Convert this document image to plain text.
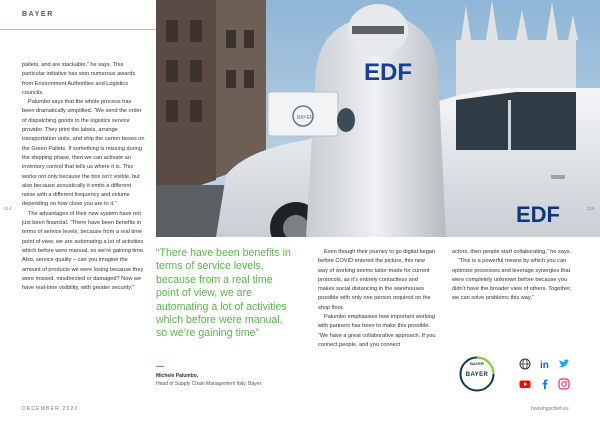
BAYER
EDF
EDF
BAYER
214	215

pallets, and are stackable,” he says. This particular initiative has won numerous awards from Environment Authorities and Logistics councils.

Palumbo says that the whole process has been dramatically simplified. “We send the order of dispatching goods to the logistics service provider. They print the labels, arrange transportation units, and ship the carton boxes on the Green Pallets. If something is missing during the shipping phase, then we can activate an inventory control that tells us where it is. This works not only because the box isn’t visible, but also because acoustically it emits a different noise with a different frequency and volume depending on how close you are to it.”

The advantages of their new system have not just been financial. “There have been benefits in terms of service levels, because from a real time point of view, we are automating a lot of activities which before were manual, so we’re gaining time. Also, service quality – can you imagine the amount of products we were losing because they were missed, misdirected or damaged? Now we have real-time visibility, with greater security.”

“There have been benefits in terms of service levels, because from a real time point of view, we are automating a lot of activities which before were manual, so we’re gaining time”
Michele Palumbo,
Head of Supply Chain Management Italy, Bayer.

Even though their journey to go digital began before COVID entered the picture, this new way of working seems tailor-made for current protocols, as it’s entirely contactless and makes social distancing in the warehouses possible with only one person required on the shop floor.

Palumbo emphasises how important working with partners has been to make this possible. “We have a great collaborative approach. If you connect people, and you connect

actors, then people start collaborating,” he says.

“This is a powerful means by which you can optimise processes and leverage synergies that were completely unknown before because you didn’t have the broader view of others. Together, we can solve problems this way.”

BAYER
BAYER	in
DECEMBER 2020	hoovingschief.eu
